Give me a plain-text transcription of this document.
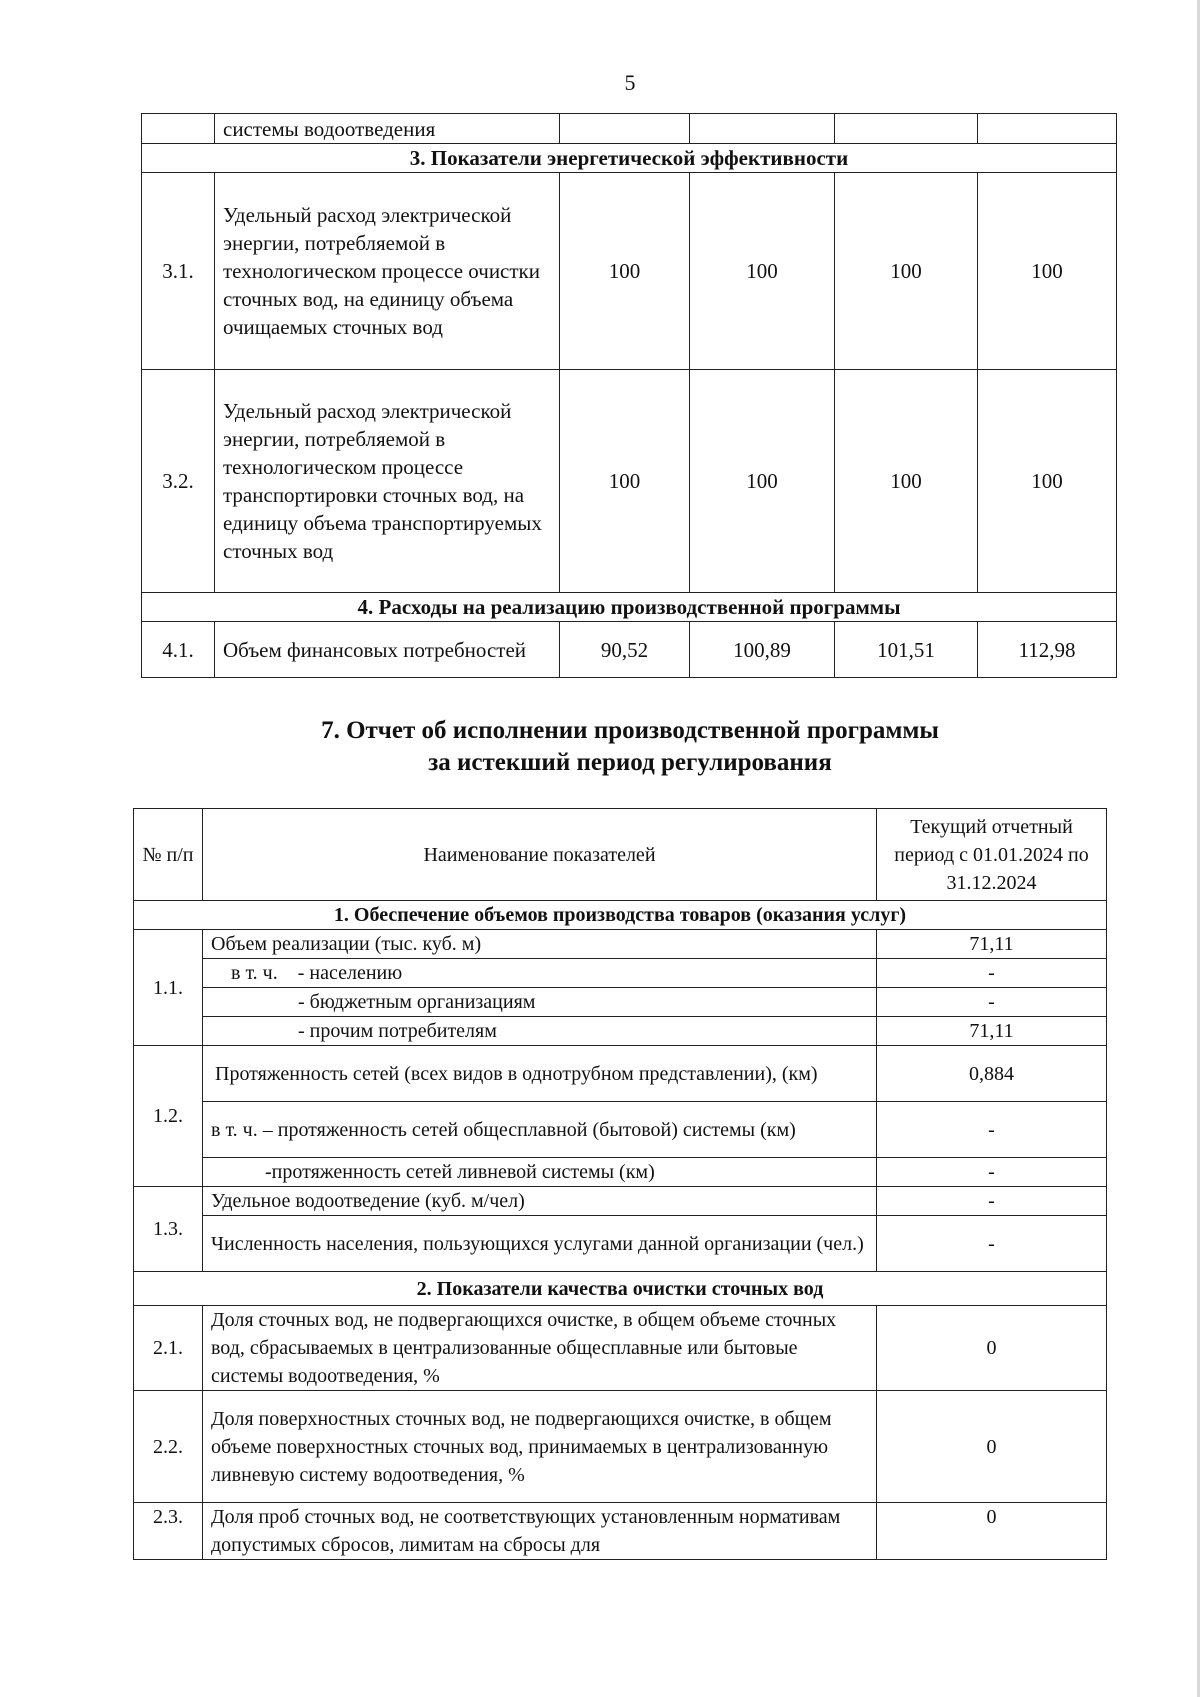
5
	системы водоотведения				
3. Показатели энергетической эффективности					
3.1.	Удельный расход электрической энергии, потребляемой в технологическом процессе очистки сточных вод, на единицу объема очищаемых сточных вод	100	100	100	100
3.2.	Удельный расход электрической энергии, потребляемой в технологическом процессе транспортировки сточных вод, на единицу объема транспортируемых сточных вод	100	100	100	100
4. Расходы на реализацию производственной программы					
4.1.	Объем финансовых потребностей	90,52	100,89	101,51	112,98
7. Отчет об исполнении производственной программы
за истекший период регулирования
№ п/п	Наименование показателей	Текущий отчетный период с 01.01.2024 по 31.12.2024
1. Обеспечение объемов производства товаров (оказания услуг)		
1.1.	Объем реализации (тыс. куб. м)	71,11
	в т. ч.    - населению	-
	- бюджетным организациям	-
	- прочим потребителям	71,11
1.2.	Протяженность сетей (всех видов в однотрубном представлении), (км)	0,884
	в т. ч. – протяженность сетей общесплавной (бытовой) системы (км)	-
	-протяженность сетей ливневой системы (км)	-
1.3.	Удельное водоотведение (куб. м/чел)	-
	Численность населения, пользующихся услугами данной организации (чел.)	-
2. Показатели качества очистки сточных вод		
2.1.	Доля сточных вод, не подвергающихся очистке, в общем объеме сточных вод, сбрасываемых в централизованные общесплавные или бытовые системы водоотведения, %	0
2.2.	Доля поверхностных сточных вод, не подвергающихся очистке, в общем объеме поверхностных сточных вод, принимаемых в централизованную ливневую систему водоотведения, %	0
2.3.	Доля проб сточных вод, не соответствующих установленным нормативам допустимых сбросов, лимитам на сбросы для	0
